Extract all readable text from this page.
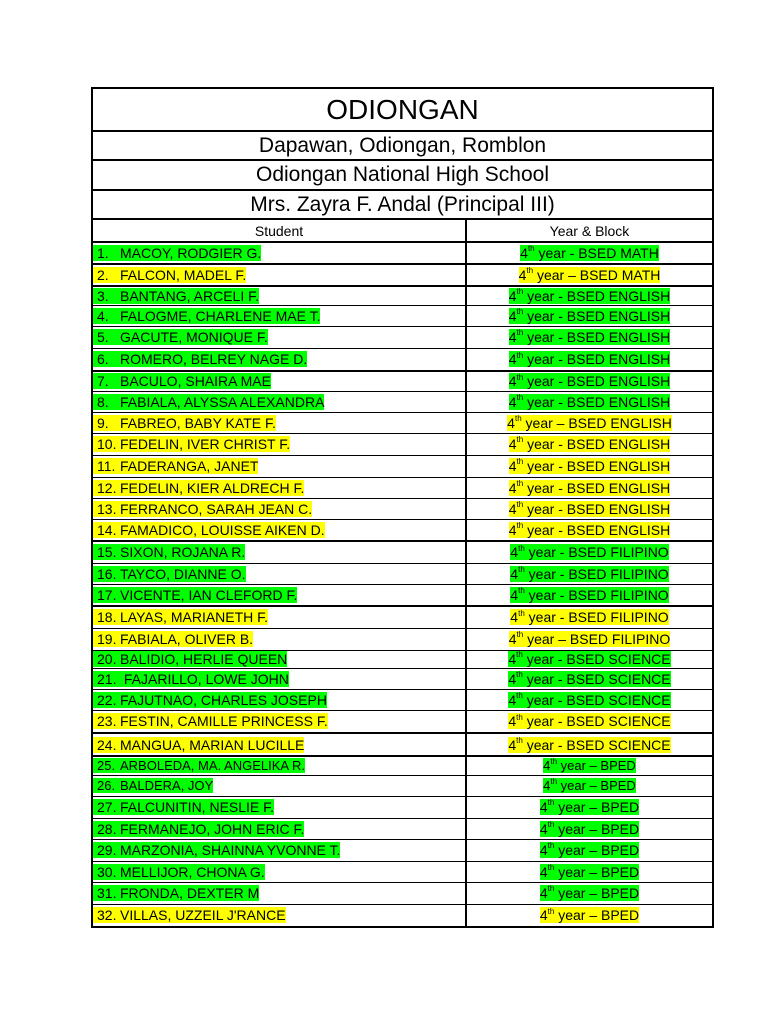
ODIONGAN
Dapawan, Odiongan, Romblon
Odiongan National High School
Mrs. Zayra F. Andal (Principal III)
Student	Year & Block
1. MACOY, RODGIER G.	4th year - BSED MATH
2. FALCON, MADEL F.	4th year – BSED MATH
3. BANTANG, ARCELI F.	4th year - BSED ENGLISH
4. FALOGME, CHARLENE MAE T.	4th year - BSED ENGLISH
5. GACUTE, MONIQUE F.	4th year - BSED ENGLISH
6. ROMERO, BELREY NAGE D.	4th year - BSED ENGLISH
7. BACULO, SHAIRA MAE	4th year - BSED ENGLISH
8. FABIALA, ALYSSA ALEXANDRA	4th year - BSED ENGLISH
9. FABREO, BABY KATE F.	4th year – BSED ENGLISH
10. FEDELIN, IVER CHRIST F.	4th year - BSED ENGLISH
11. FADERANGA, JANET	4th year - BSED ENGLISH
12. FEDELIN, KIER ALDRECH F.	4th year - BSED ENGLISH
13. FERRANCO, SARAH JEAN C.	4th year - BSED ENGLISH
14. FAMADICO, LOUISSE AIKEN D.	4th year - BSED ENGLISH
15. SIXON, ROJANA R.	4th year - BSED FILIPINO
16. TAYCO, DIANNE O.	4th year - BSED FILIPINO
17. VICENTE, IAN CLEFORD F.	4th year - BSED FILIPINO
18. LAYAS, MARIANETH F.	4th year - BSED FILIPINO
19. FABIALA, OLIVER B.	4th year – BSED FILIPINO
20. BALIDIO, HERLIE QUEEN	4th year - BSED SCIENCE
21. FAJARILLO, LOWE JOHN	4th year - BSED SCIENCE
22. FAJUTNAO, CHARLES JOSEPH	4th year - BSED SCIENCE
23. FESTIN, CAMILLE PRINCESS F.	4th year - BSED SCIENCE
24. MANGUA, MARIAN LUCILLE	4th year - BSED SCIENCE
25. ARBOLEDA, MA. ANGELIKA R.	4th year – BPED
26. BALDERA, JOY	4th year – BPED
27. FALCUNITIN, NESLIE F.	4th year – BPED
28. FERMANEJO, JOHN ERIC F.	4th year – BPED
29. MARZONIA, SHAINNA YVONNE T.	4th year – BPED
30. MELLIJOR, CHONA G.	4th year – BPED
31. FRONDA, DEXTER M	4th year – BPED
32. VILLAS, UZZEIL J'RANCE	4th year – BPED
